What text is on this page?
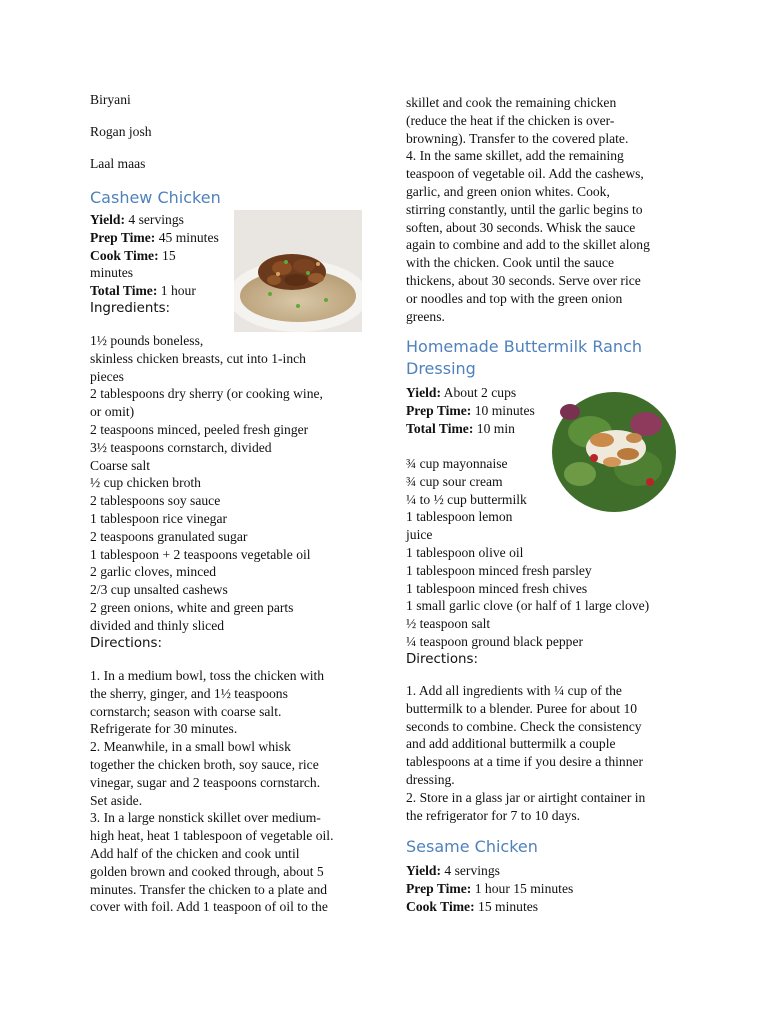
Biryani
Rogan josh
Laal maas
Cashew Chicken
Yield: 4 servings
Prep Time: 45 minutes
Cook Time: 15
minutes
Total Time: 1 hour
Ingredients:
1½ pounds boneless,
skinless chicken breasts, cut into 1-inch
pieces
2 tablespoons dry sherry (or cooking wine,
or omit)
2 teaspoons minced, peeled fresh ginger
3½ teaspoons cornstarch, divided
Coarse salt
½ cup chicken broth
2 tablespoons soy sauce
1 tablespoon rice vinegar
2 teaspoons granulated sugar
1 tablespoon + 2 teaspoons vegetable oil
2 garlic cloves, minced
2/3 cup unsalted cashews
2 green onions, white and green parts
divided and thinly sliced
Directions:
1. In a medium bowl, toss the chicken with
the sherry, ginger, and 1½ teaspoons
cornstarch; season with coarse salt.
Refrigerate for 30 minutes.
2. Meanwhile, in a small bowl whisk
together the chicken broth, soy sauce, rice
vinegar, sugar and 2 teaspoons cornstarch.
Set aside.
3. In a large nonstick skillet over medium-
high heat, heat 1 tablespoon of vegetable oil.
Add half of the chicken and cook until
golden brown and cooked through, about 5
minutes. Transfer the chicken to a plate and
cover with foil. Add 1 teaspoon of oil to the
skillet and cook the remaining chicken
(reduce the heat if the chicken is over-
browning). Transfer to the covered plate.
4. In the same skillet, add the remaining
teaspoon of vegetable oil. Add the cashews,
garlic, and green onion whites. Cook,
stirring constantly, until the garlic begins to
soften, about 30 seconds. Whisk the sauce
again to combine and add to the skillet along
with the chicken. Cook until the sauce
thickens, about 30 seconds. Serve over rice
or noodles and top with the green onion
greens.
Homemade Buttermilk Ranch
Dressing
Yield: About 2 cups
Prep Time: 10 minutes
Total Time: 10 min
¾ cup mayonnaise
¾ cup sour cream
¼ to ½ cup buttermilk
1 tablespoon lemon
juice
1 tablespoon olive oil
1 tablespoon minced fresh parsley
1 tablespoon minced fresh chives
1 small garlic clove (or half of 1 large clove)
½ teaspoon salt
¼ teaspoon ground black pepper
Directions:
1. Add all ingredients with ¼ cup of the
buttermilk to a blender. Puree for about 10
seconds to combine. Check the consistency
and add additional buttermilk a couple
tablespoons at a time if you desire a thinner
dressing.
2. Store in a glass jar or airtight container in
the refrigerator for 7 to 10 days.
Sesame Chicken
Yield: 4 servings
Prep Time: 1 hour 15 minutes
Cook Time: 15 minutes
